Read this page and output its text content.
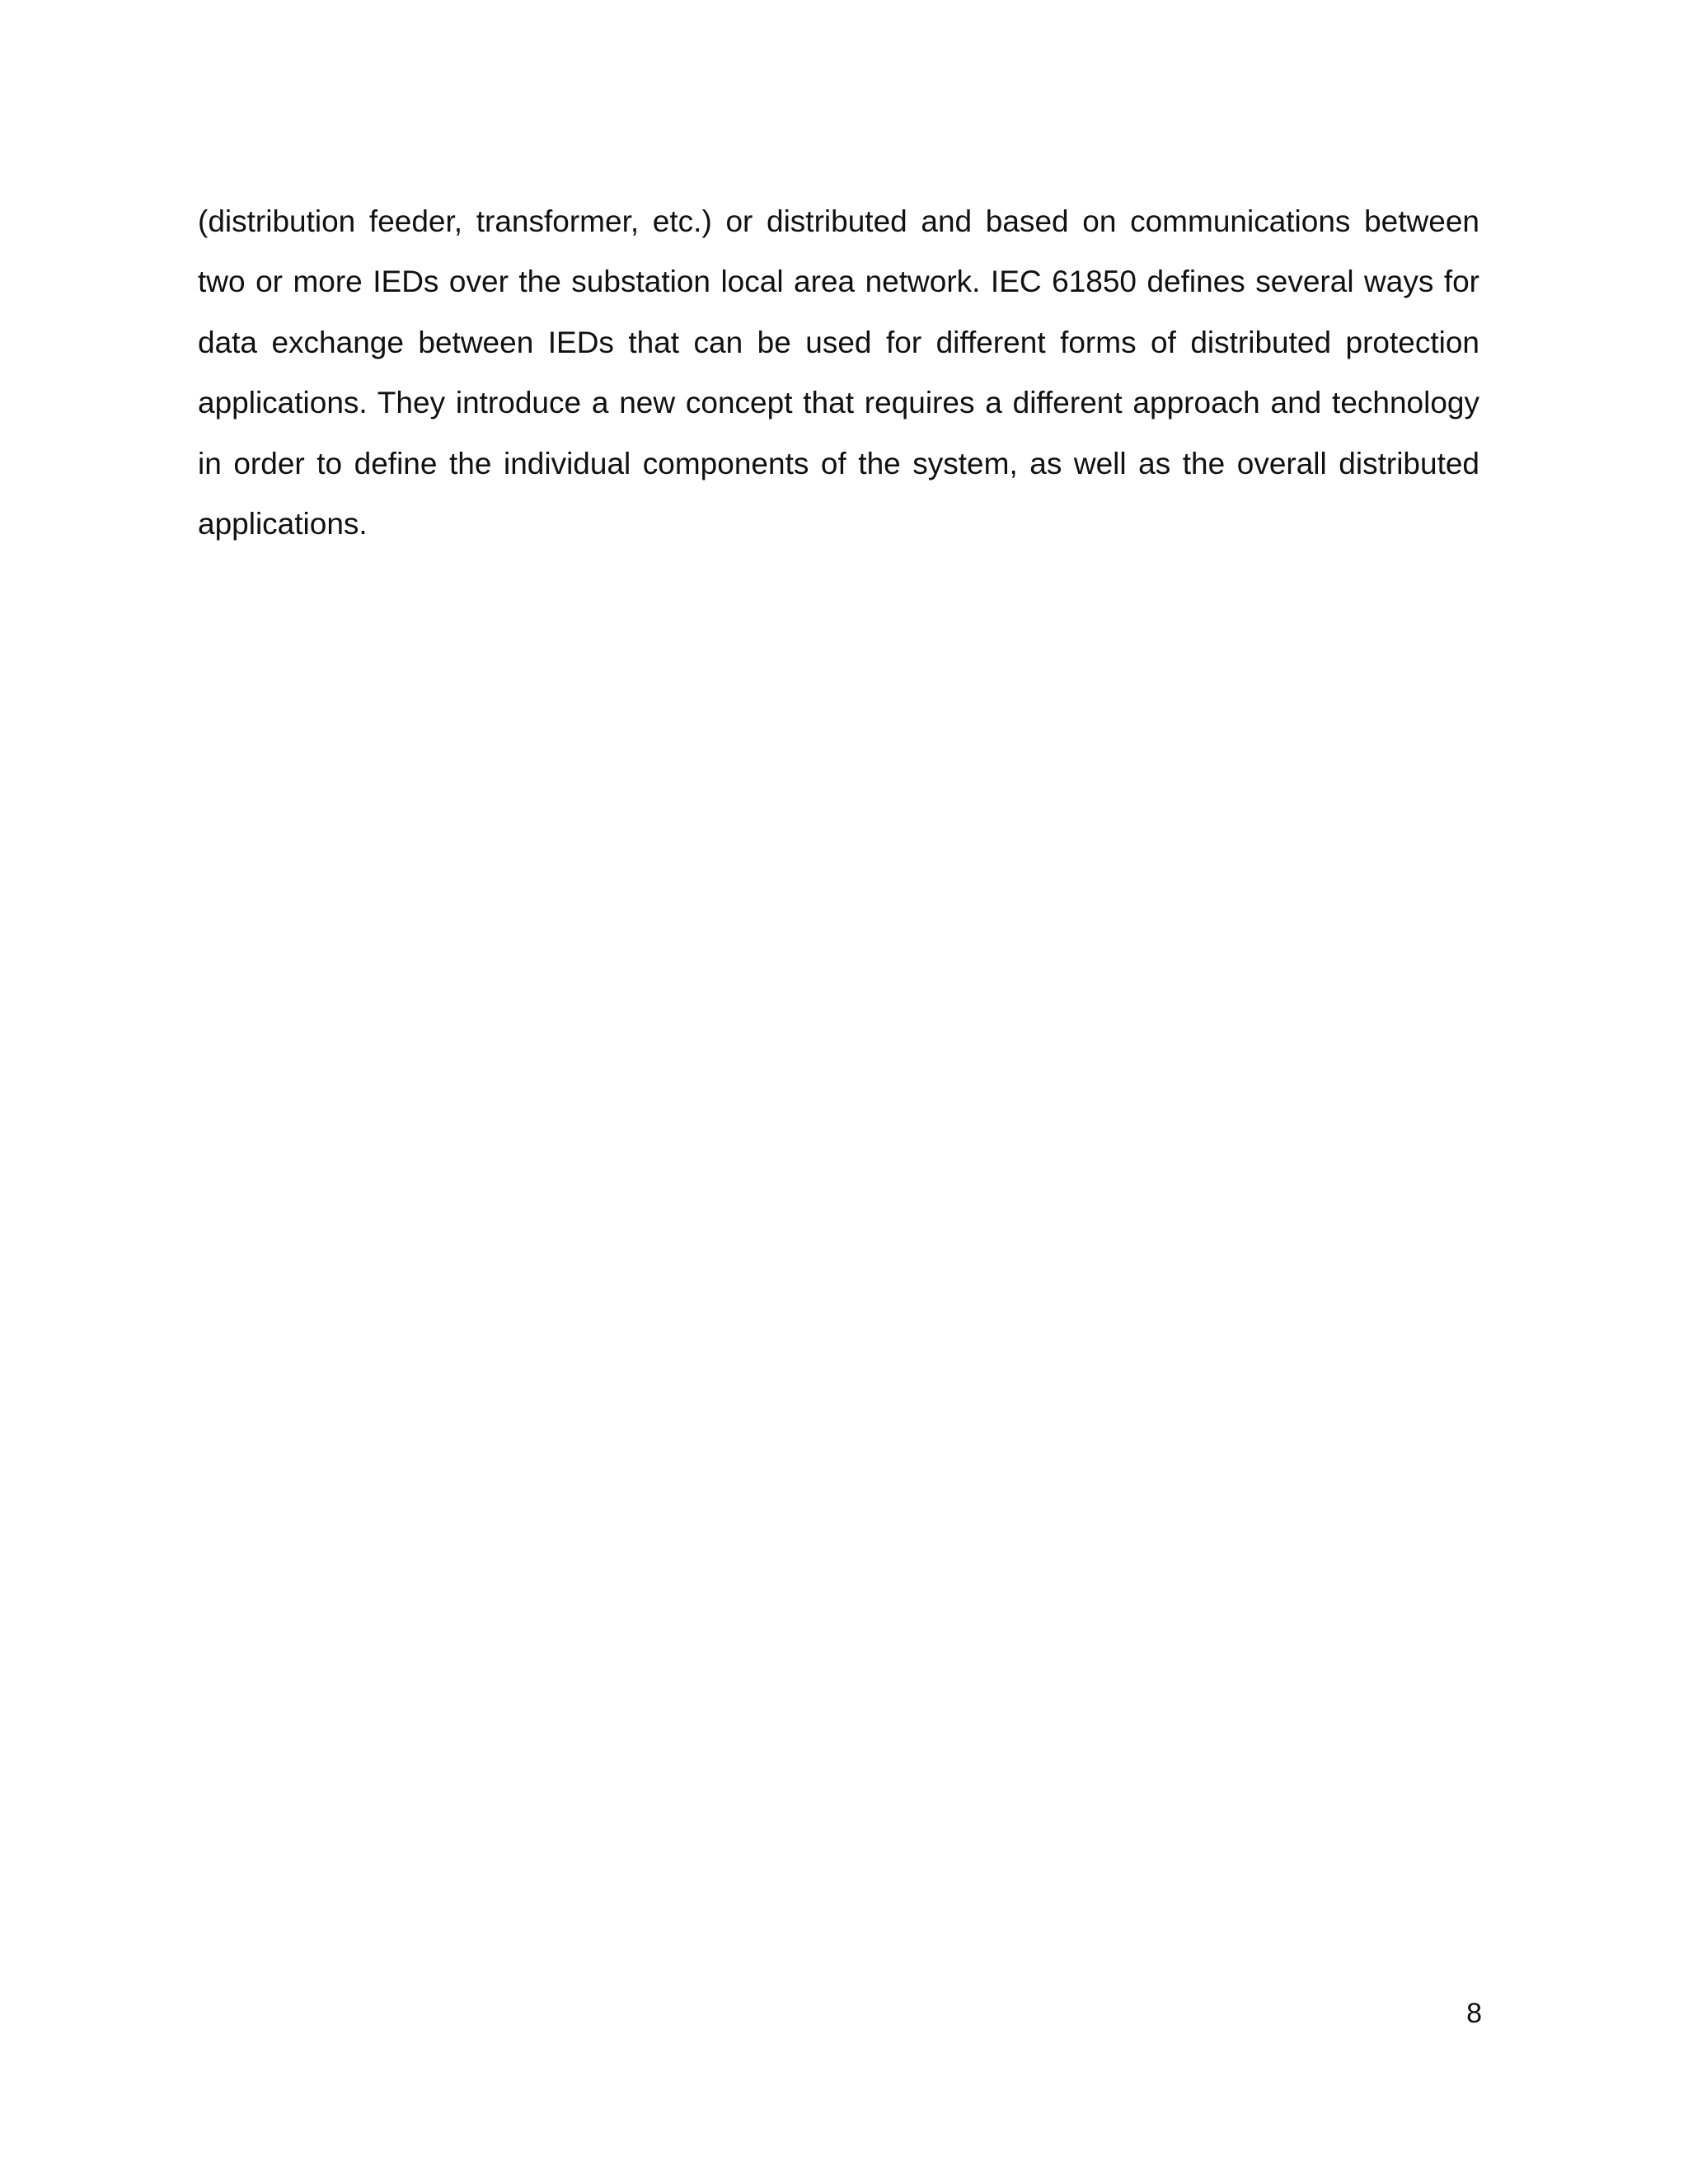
(distribution feeder, transformer, etc.) or distributed and based on communications between
two or more IEDs over the substation local area network. IEC 61850 defines several ways for
data exchange between IEDs that can be used for different forms of distributed protection
applications. They introduce a new concept that requires a different approach and technology
in order to define the individual components of the system, as well as the overall distributed
applications.

8
